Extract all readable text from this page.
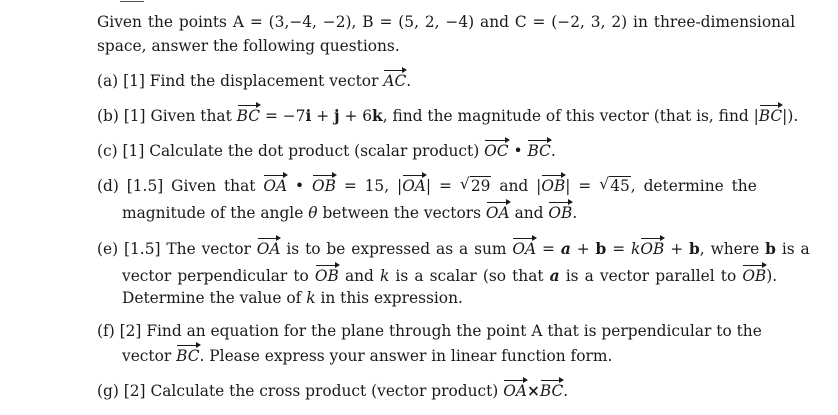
Given the points A = (3,−4, −2), B = (5, 2, −4) and C = (−2, 3, 2) in three-dimensional
space, answer the following questions.
(a) [1] Find the displacement vector AC.
(b) [1] Given that BC = −7i + j + 6k, find the magnitude of this vector (that is, find |BC|).
(c) [1] Calculate the dot product (scalar product) OC • BC.
(d) [1.5] Given that OA • OB = 15, |OA| = √ 29 and |OB| = √ 45, determine the
magnitude of the angle θ between the vectors OA and OB.
(e) [1.5] The vector OA is to be expressed as a sum OA = a + b = kOB + b, where b is a
vector perpendicular to OB and k is a scalar (so that a is a vector parallel to OB).
Determine the value of k in this expression.
(f) [2] Find an equation for the plane through the point A that is perpendicular to the
vector BC. Please express your answer in linear function form.
(g) [2] Calculate the cross product (vector product) OA×BC.
